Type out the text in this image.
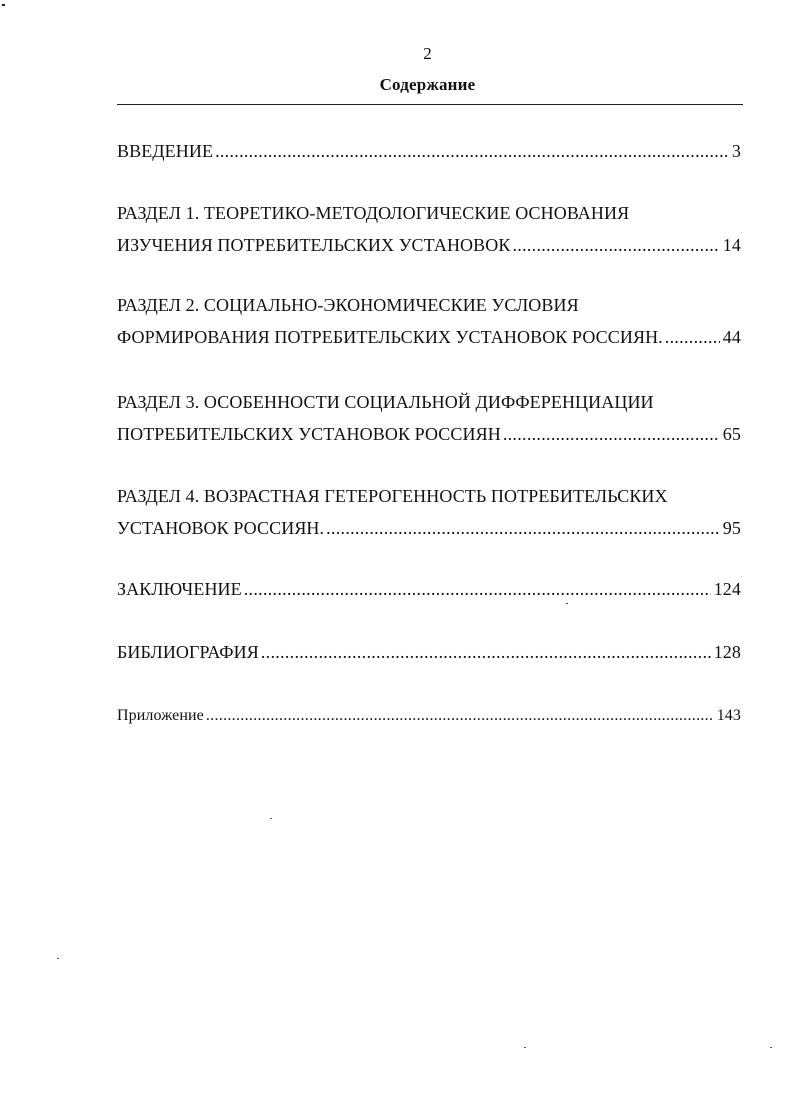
2
Содержание
ВВЕДЕНИЕ .....	3
РАЗДЕЛ 1. ТЕОРЕТИКО-МЕТОДОЛОГИЧЕСКИЕ ОСНОВАНИЯ
ИЗУЧЕНИЯ ПОТРЕБИТЕЛЬСКИХ УСТАНОВОК .....	14
РАЗДЕЛ 2. СОЦИАЛЬНО-ЭКОНОМИЧЕСКИЕ УСЛОВИЯ
ФОРМИРОВАНИЯ ПОТРЕБИТЕЛЬСКИХ УСТАНОВОК РОССИЯН. .....	44
РАЗДЕЛ 3. ОСОБЕННОСТИ СОЦИАЛЬНОЙ ДИФФЕРЕНЦИАЦИИ
ПОТРЕБИТЕЛЬСКИХ УСТАНОВОК РОССИЯН .....	65
РАЗДЕЛ 4. ВОЗРАСТНАЯ ГЕТЕРОГЕННОСТЬ ПОТРЕБИТЕЛЬСКИХ
УСТАНОВОК РОССИЯН. .....	95
ЗАКЛЮЧЕНИЕ .....	124
БИБЛИОГРАФИЯ .....	128
Приложение .....	143
